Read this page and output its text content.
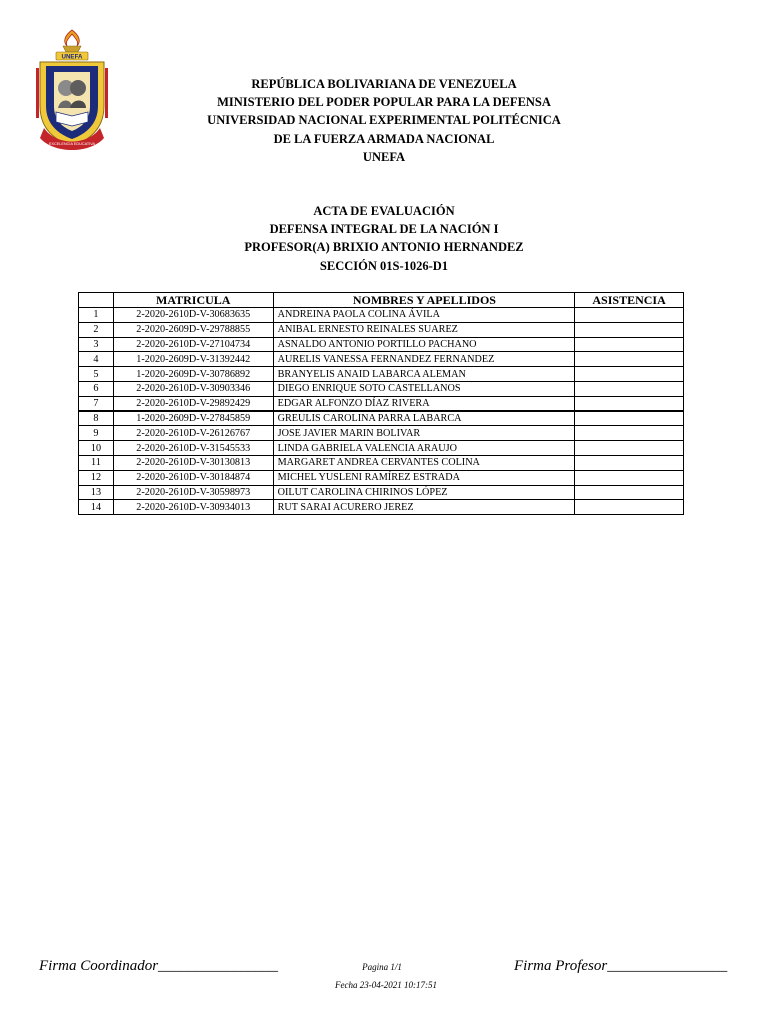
UNEFA
EXCELENCIA EDUCATIVA
REPÚBLICA BOLIVARIANA DE VENEZUELA
MINISTERIO DEL PODER POPULAR PARA LA DEFENSA
UNIVERSIDAD NACIONAL EXPERIMENTAL POLITÉCNICA
DE LA FUERZA ARMADA NACIONAL
UNEFA
ACTA DE EVALUACIÓN
DEFENSA INTEGRAL DE LA NACIÓN I
PROFESOR(A) BRIXIO ANTONIO HERNANDEZ
SECCIÓN 01S-1026-D1
	MATRICULA	NOMBRES Y APELLIDOS	ASISTENCIA
1	2-2020-2610D-V-30683635	ANDREINA PAOLA COLINA ÁVILA	
2	2-2020-2609D-V-29788855	ANIBAL ERNESTO REINALES SUAREZ	
3	2-2020-2610D-V-27104734	ASNALDO ANTONIO PORTILLO PACHANO	
4	1-2020-2609D-V-31392442	AURELIS VANESSA FERNANDEZ FERNANDEZ	
5	1-2020-2609D-V-30786892	BRANYELIS ANAID LABARCA ALEMAN	
6	2-2020-2610D-V-30903346	DIEGO ENRIQUE SOTO CASTELLANOS	
7	2-2020-2610D-V-29892429	EDGAR ALFONZO DÍAZ RIVERA	
8	1-2020-2609D-V-27845859	GREULIS CAROLINA PARRA LABARCA	
9	2-2020-2610D-V-26126767	JOSE JAVIER MARIN BOLIVAR	
10	2-2020-2610D-V-31545533	LINDA GABRIELA VALENCIA ARAUJO	
11	2-2020-2610D-V-30130813	MARGARET ANDREA CERVANTES COLINA	
12	2-2020-2610D-V-30184874	MICHEL YUSLENI RAMÍREZ ESTRADA	
13	2-2020-2610D-V-30598973	OILUT CAROLINA CHIRINOS LÓPEZ	
14	2-2020-2610D-V-30934013	RUT SARAI ACURERO JEREZ	
Firma Coordinador________________	Pagina 1/1
Fecha 23-04-2021 10:17:51
Firma Profesor________________
